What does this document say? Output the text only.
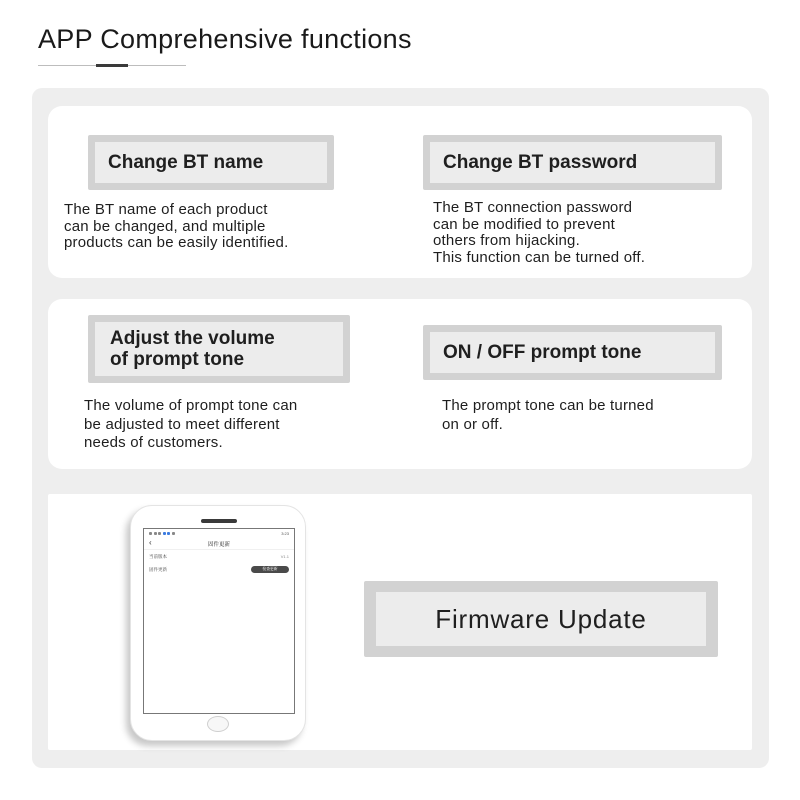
APP Comprehensive functions
Change BT name
The BT name of each product
can be changed, and multiple
products can be easily identified.
Change BT password
The BT connection password
can be modified to prevent
others from hijacking.
This function can be turned off.
Adjust the volume
of prompt tone
The volume of prompt tone can
be adjusted to meet different
needs of customers.
ON / OFF prompt tone
The prompt tone can be turned
on or off.
3:23
‹	固件更新
当前版本	V1.1
固件更新	检查更新
Firmware Update
